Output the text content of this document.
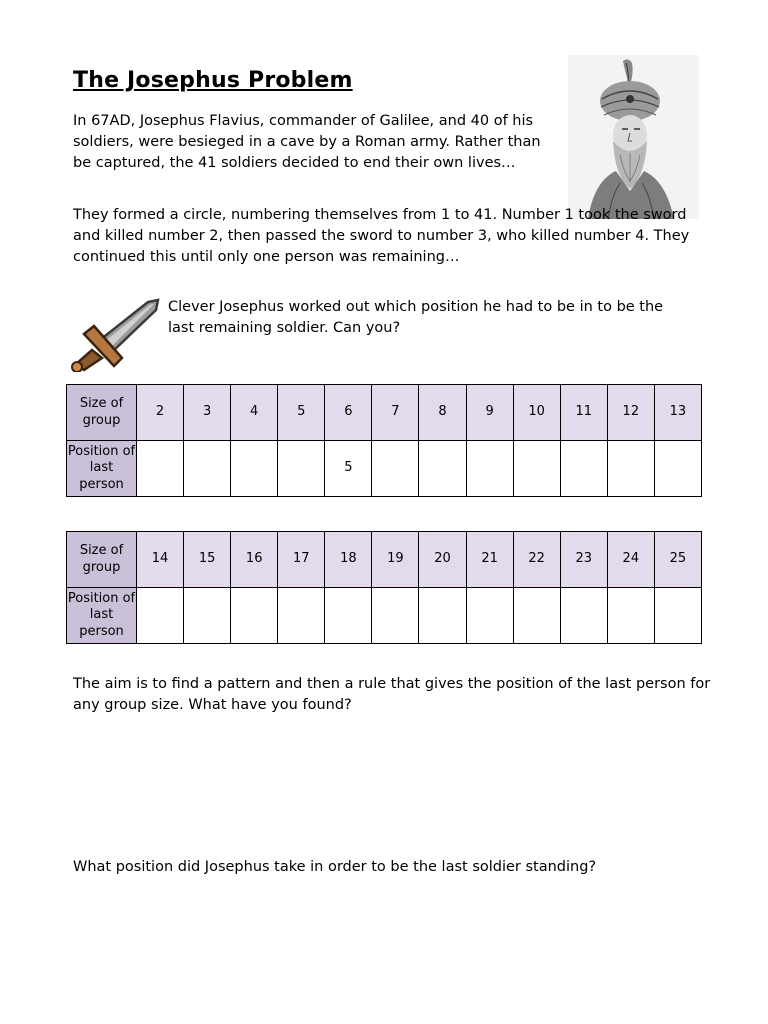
The Josephus Problem

In 67AD, Josephus Flavius, commander of Galilee, and 40 of his soldiers, were besieged in a cave by a Roman army. Rather than be captured, the 41 soldiers decided to end their own lives…

They formed a circle, numbering themselves from 1 to 41. Number 1 took the sword and killed number 2, then passed the sword to number 3, who killed number 4. They continued this until only one person was remaining…

Clever Josephus worked out which position he had to be in to be the last remaining soldier. Can you?

Size of group	2	3	4	5	6	7	8	9	10	11	12	13
Position of last person					5							
Size of group	14	15	16	17	18	19	20	21	22	23	24	25
Position of last person												

The aim is to find a pattern and then a rule that gives the position of the last person for any group size. What have you found?

What position did Josephus take in order to be the last soldier standing?
